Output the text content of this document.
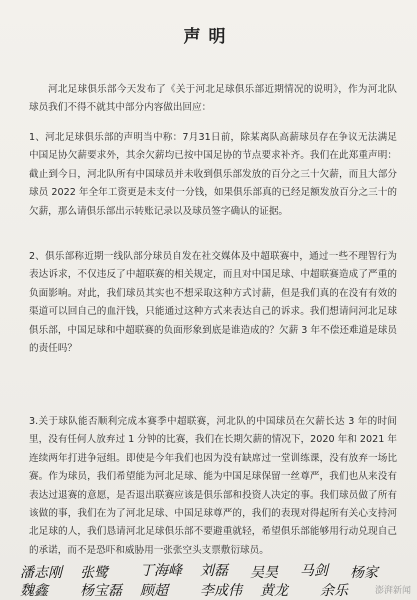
声明

河北足球俱乐部今天发布了《关于河北足球俱乐部近期情况的说明》，作为河北队球员我们不得不就其中部分内容做出回应：

1、河北足球俱乐部的声明当中称：7月31日前，除某离队高薪球员存在争议无法满足中国足协欠薪要求外，其余欠薪均已按中国足协的节点要求补齐。我们在此郑重声明：截止到今日，河北队所有中国球员并未收到俱乐部发放的百分之三十欠薪，而且大部分球员 2022 年全年工资更是未支付一分钱，如果俱乐部真的已经足额发放百分之三十的欠薪，那么请俱乐部出示转账记录以及球员签字确认的证据。

2、俱乐部称近期一线队部分球员自发在社交媒体及中超联赛中，通过一些不理智行为表达诉求，不仅违反了中超联赛的相关规定，而且对中国足球、中超联赛造成了严重的负面影响。对此，我们球员其实也不想采取这种方式讨薪，但是我们真的在没有有效的渠道可以回自己的血汗钱，只能通过这种方式来表达自己的诉求。我们想请问河北足球俱乐部，中国足球和中超联赛的负面形象到底是谁造成的？欠薪 3 年不偿还难道是球员的责任吗？

3.关于球队能否顺利完成本赛季中超联赛，河北队的中国球员在欠薪长达 3 年的时间里，没有任何人放弃过 1 分钟的比赛，我们在长期欠薪的情况下，2020 年和 2021 年连续两年打进争冠组。即使是今年我们也因为没有缺席过一堂训练课，没有放弃一场比赛。作为球员，我们希望能为河北足球、能为中国足球保留一丝尊严，我们也从来没有表达过退赛的意愿，是否退出联赛应该是俱乐部和投资人决定的事。我们球员做了所有该做的事，我们在为了河北足球、中国足球尊严的，我们的表现对得起所有关心支持河北足球的人，我们恳请河北足球俱乐部不要避重就轻，希望俱乐部能够用行动兑现自己的承诺，而不是恐吓和威胁用一张张空头支票敷衍球员。

潘志刚 张鹭 丁海峰 刘磊 吴昊 马剑 杨家
魏鑫 杨宝磊 顾超 李成伟 黄龙 余乐	澎湃新闻
